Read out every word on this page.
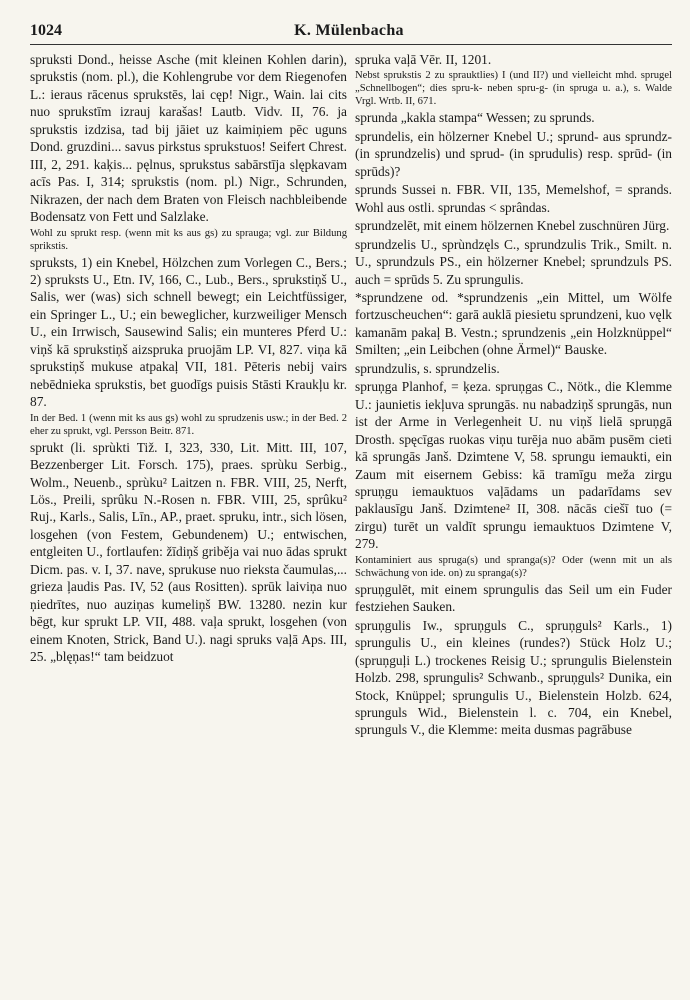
1024	K. Mülenbacha

spruksti Dond., heisse Asche (mit kleinen Kohlen darin), sprukstis (nom. pl.), die Kohlengrube vor dem Riegenofen L.: ieraus rācenus sprukstēs, lai cęp! Nigr., Wain. lai cits nuo sprukstīm izrauj karašas! Lautb. Vidv. II, 76. ja sprukstis izdzisa, tad bij jāiet uz kaimiņiem pēc uguns Dond. gruzdini... savus pirkstus sprukstuos! Seifert Chrest. III, 2, 291. kaķis... pęlnus, sprukstus sabārstīja slępkavam acīs Pas. I, 314; sprukstis (nom. pl.) Nigr., Schrunden, Nikrazen, der nach dem Braten von Fleisch nachbleibende Bodensatz von Fett und Salzlake.

Wohl zu sprukt resp. (wenn mit ks aus gs) zu sprauga; vgl. zur Bildung sprikstis.

spruksts, 1) ein Knebel, Hölzchen zum Vorlegen C., Bers.; 2) spruksts U., Etn. IV, 166, C., Lub., Bers., sprukstiņš U., Salis, wer (was) sich schnell bewegt; ein Leichtfüssiger, ein Springer L., U.; ein beweglicher, kurzweiliger Mensch U., ein Irrwisch, Sausewind Salis; ein munteres Pferd U.: viņš kā sprukstiņš aizspruka pruojām LP. VI, 827. viņa kā sprukstiņš mukuse atpakaļ VII, 181. Pēteris nebij vairs nebēdnieka sprukstis, bet guodīgs puisis Stāsti Kraukļu kr. 87.

In der Bed. 1 (wenn mit ks aus gs) wohl zu sprudzenis usw.; in der Bed. 2 eher zu sprukt, vgl. Persson Beitr. 871.

sprukt (li. sprùkti Tiž. I, 323, 330, Lit. Mitt. III, 107, Bezzenberger Lit. Forsch. 175), praes. sprùku Serbig., Wolm., Neuenb., sprùku² Laitzen n. FBR. VIII, 25, Nerft, Lös., Preili, sprûku N.-Rosen n. FBR. VIII, 25, sprûku² Ruj., Karls., Salis, Līn., AP., praet. spruku, intr., sich lösen, losgehen (von Festem, Gebundenem) U.; entwischen, entgleiten U., fortlaufen: žīdiņš griběja vai nuo ādas sprukt Dicm. pas. v. I, 37. nave, sprukuse nuo riekstа čaumulas,... grieza ļaudis Pas. IV, 52 (aus Rositten). sprūk laiviņa nuo ņiedrītes, nuo auziņas kumeliņš BW. 13280. nezin kur bēgt, kur sprukt LP. VII, 488. vaļa sprukt, losgehen (von einem Knoten, Strick, Band U.). nagi spruks vaļā Aps. III, 25. „blęņas!“ tam beidzuot

spruka vaļā Vēr. II, 1201.

Nebst sprukstis 2 zu sprauktlies) I (und II?) und vielleicht mhd. sprugel „Schnellbogen“; dies spru-k- neben spru-g- (in spruga u. a.), s. Walde Vrgl. Wrtb. II, 671.

sprunda „kakla stampa“ Wessen; zu sprunds.

sprundelis, ein hölzerner Knebel U.; sprund- aus sprundz- (in sprundzelis) und sprud- (in sprudulis) resp. sprūd- (in sprūds)?

sprunds Sussei n. FBR. VII, 135, Memelshof, = sprands. Wohl aus ostli. sprundas < sprândas.

sprundzelēt, mit einem hölzernen Knebel zuschnüren Jürg.

sprundzelis U., sprùndzęls C., sprundzulis Trik., Smilt. n. U., sprundzuls PS., ein hölzerner Knebel; sprundzuls PS. auch = sprūds 5. Zu sprungulis.

*sprundzene od. *sprundzenis „ein Mittel, um Wölfe fortzuscheuchen“: garā auklā piesietu sprundzeni, kuo vęlk kamanām pakaļ B. Vestn.; sprundzenis „ein Holzknüppel“ Smilten; „ein Leibchen (ohne Ärmel)“ Bauske.

sprundzulis, s. sprundzelis.

spruņga Planhof, = ķeza. spruņgas C., Nötk., die Klemme U.: jaunietis iekļuva sprungās. nu nabadziņš sprungās, nun ist der Arme in Verlegenheit U. nu viņš lielā spruņgā Drosth. spęcīgas ruokas viņu turēja nuo abām pusēm cieti kā sprungās Janš. Dzimtene V, 58. sprungu iemaukti, ein Zaum mit eisernem Gebiss: kā tramīgu meža zirgu spruņgu iemauktuos vaļādams un padarīdams sev paklausīgu Janš. Dzimtene² II, 308. nācās ciešī tuo (= zirgu) turēt un valdīt sprungu iemauktuos Dzimtene V, 279.

Kontaminiert aus spruga(s) und spranga(s)? Oder (wenn mit un als Schwächung von ide. on) zu spranga(s)?

spruņgulēt, mit einem sprungulis das Seil um ein Fuder festziehen Sauken.

spruņgulis Iw., spruņguls C., spruņguls² Karls., 1) sprungulis U., ein kleines (rundes?) Stück Holz U.; (spruņguļi L.) trockenes Reisig U.; sprungulis Bielenstein Holzb. 298, sprungulis² Schwanb., spruņguls² Dunika, ein Stock, Knüppel; sprungulis U., Bielenstein Holzb. 624, sprunguls Wid., Bielenstein l. c. 704, ein Knebel, sprunguls V., die Klemme: meita dusmas pagrābuse
